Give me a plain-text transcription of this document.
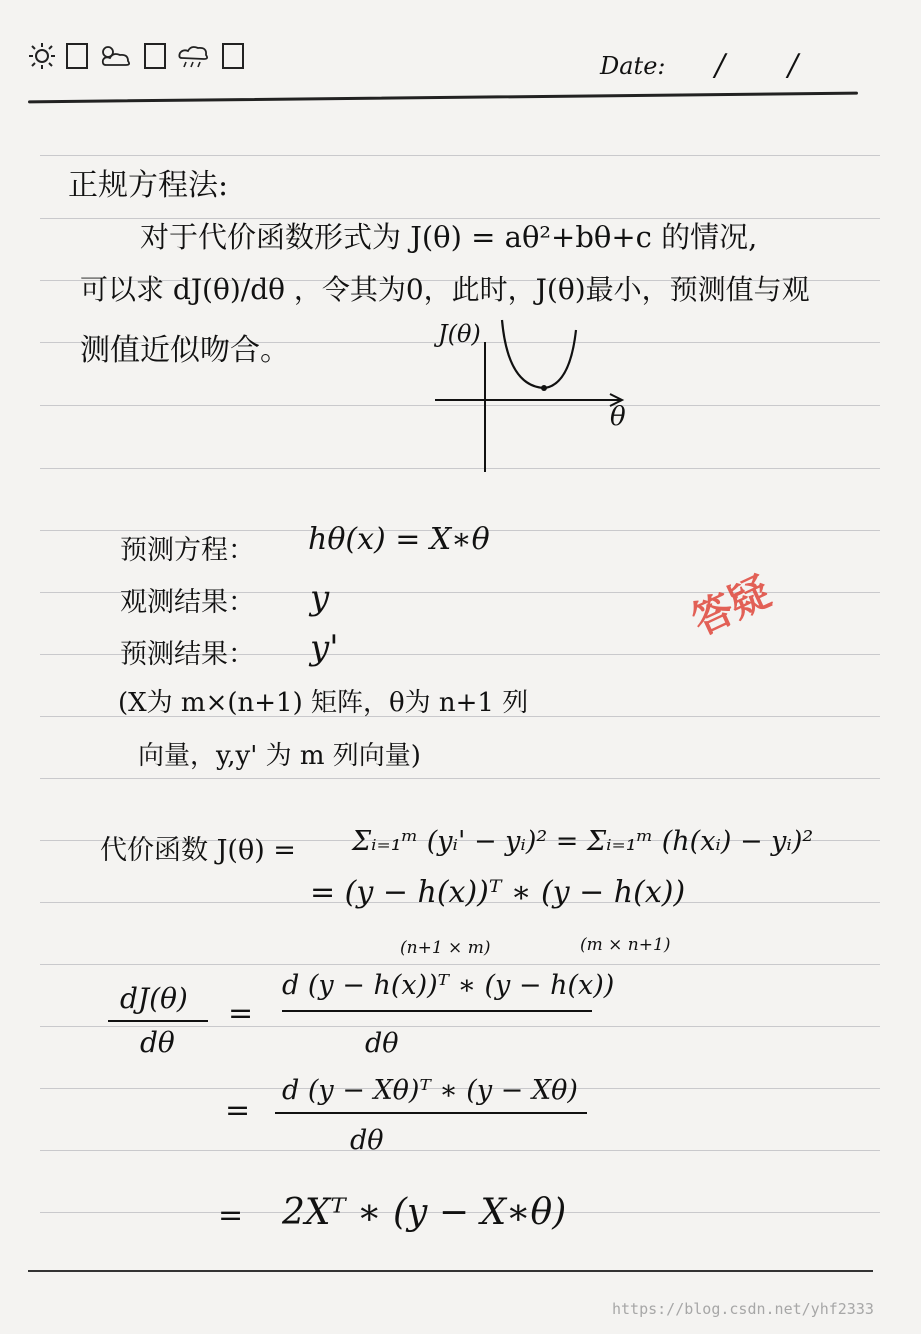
Date: / /
正规方程法:
对于代价函数形式为 J(θ) = aθ²+bθ+c 的情况,
可以求 dJ(θ)/dθ ，令其为0，此时，J(θ)最小，预测值与观
测值近似吻合。	J(θ)
θ
预测方程： hθ(x) = X∗θ
观测结果： y
预测结果： y'
(X为 m×(n+1) 矩阵，θ为 n+1 列
向量，y,y' 为 m 列向量)
答疑
代价函数 J(θ) = Σᵢ₌₁ᵐ (yᵢ' − yᵢ)² = Σᵢ₌₁ᵐ (h(xᵢ) − yᵢ)²
= (y − h(x))ᵀ ∗ (y − h(x))
(n+1 × m)	(m × n+1)
dJ(θ)
dθ
=
d (y − h(x))ᵀ ∗ (y − h(x))
dθ
=
d (y − Xθ)ᵀ ∗ (y − Xθ)
dθ
= 2Xᵀ ∗ (y − X∗θ)
https://blog.csdn.net/yhf2333
